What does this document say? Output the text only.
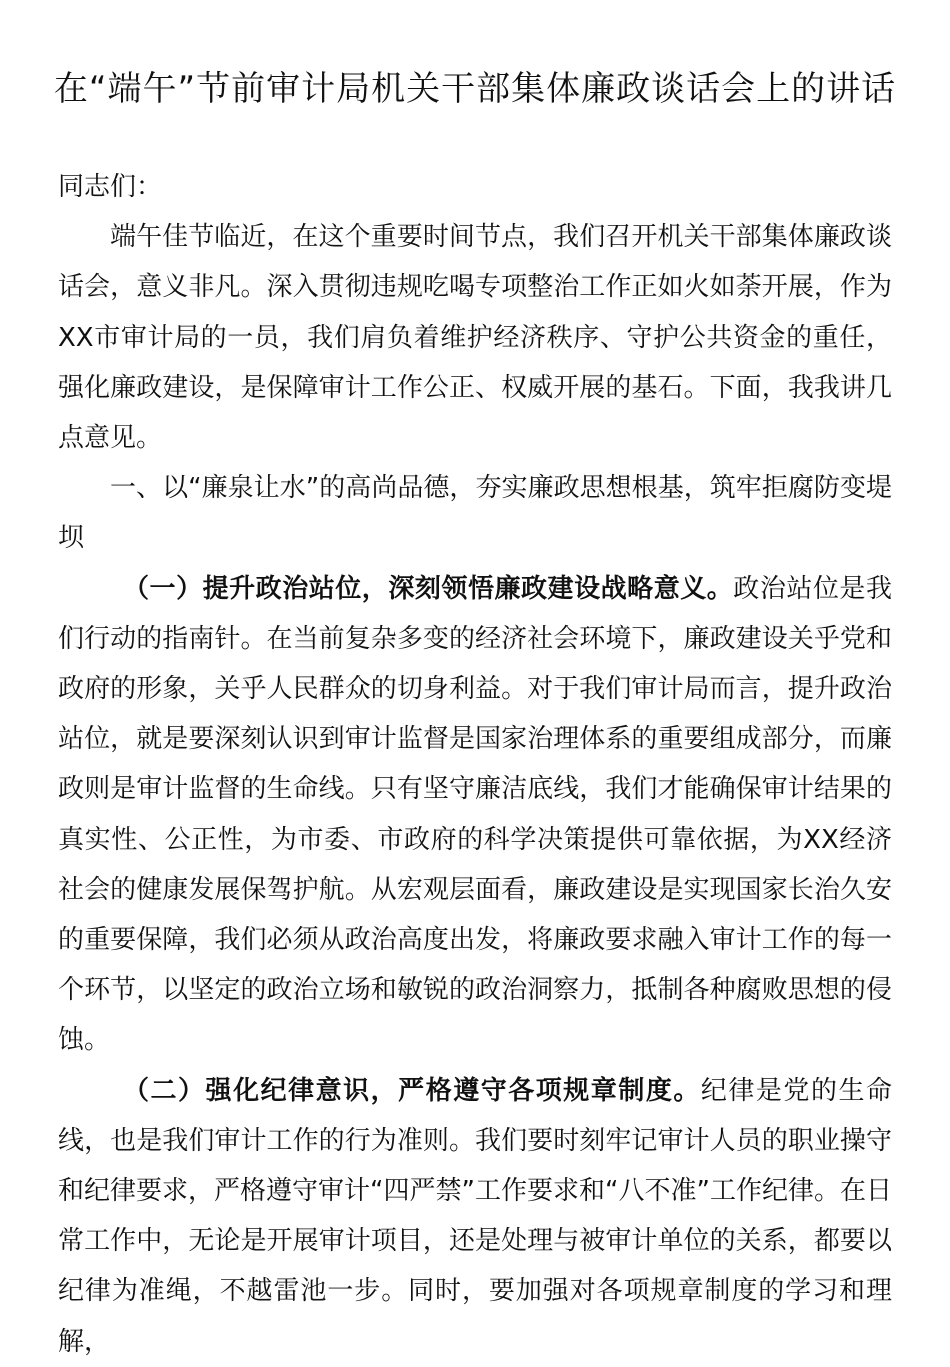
在“端午”节前审计局机关干部集体廉政谈话会上的讲话

同志们：

端午佳节临近，在这个重要时间节点，我们召开机关干部集体廉政谈话会，意义非凡。深入贯彻违规吃喝专项整治工作正如火如荼开展，作为XX市审计局的一员，我们肩负着维护经济秩序、守护公共资金的重任，强化廉政建设，是保障审计工作公正、权威开展的基石。下面，我我讲几点意见。

一、以“廉泉让水”的高尚品德，夯实廉政思想根基，筑牢拒腐防变堤坝

（一）提升政治站位，深刻领悟廉政建设战略意义。政治站位是我们行动的指南针。在当前复杂多变的经济社会环境下，廉政建设关乎党和政府的形象，关乎人民群众的切身利益。对于我们审计局而言，提升政治站位，就是要深刻认识到审计监督是国家治理体系的重要组成部分，而廉政则是审计监督的生命线。只有坚守廉洁底线，我们才能确保审计结果的真实性、公正性，为市委、市政府的科学决策提供可靠依据，为XX经济社会的健康发展保驾护航。从宏观层面看，廉政建设是实现国家长治久安的重要保障，我们必须从政治高度出发，将廉政要求融入审计工作的每一个环节，以坚定的政治立场和敏锐的政治洞察力，抵制各种腐败思想的侵蚀。

（二）强化纪律意识，严格遵守各项规章制度。纪律是党的生命线，也是我们审计工作的行为准则。我们要时刻牢记审计人员的职业操守和纪律要求，严格遵守审计“四严禁”工作要求和“八不准”工作纪律。在日常工作中，无论是开展审计项目，还是处理与被审计单位的关系，都要以纪律为准绳，不越雷池一步。同时，要加强对各项规章制度的学习和理解，
